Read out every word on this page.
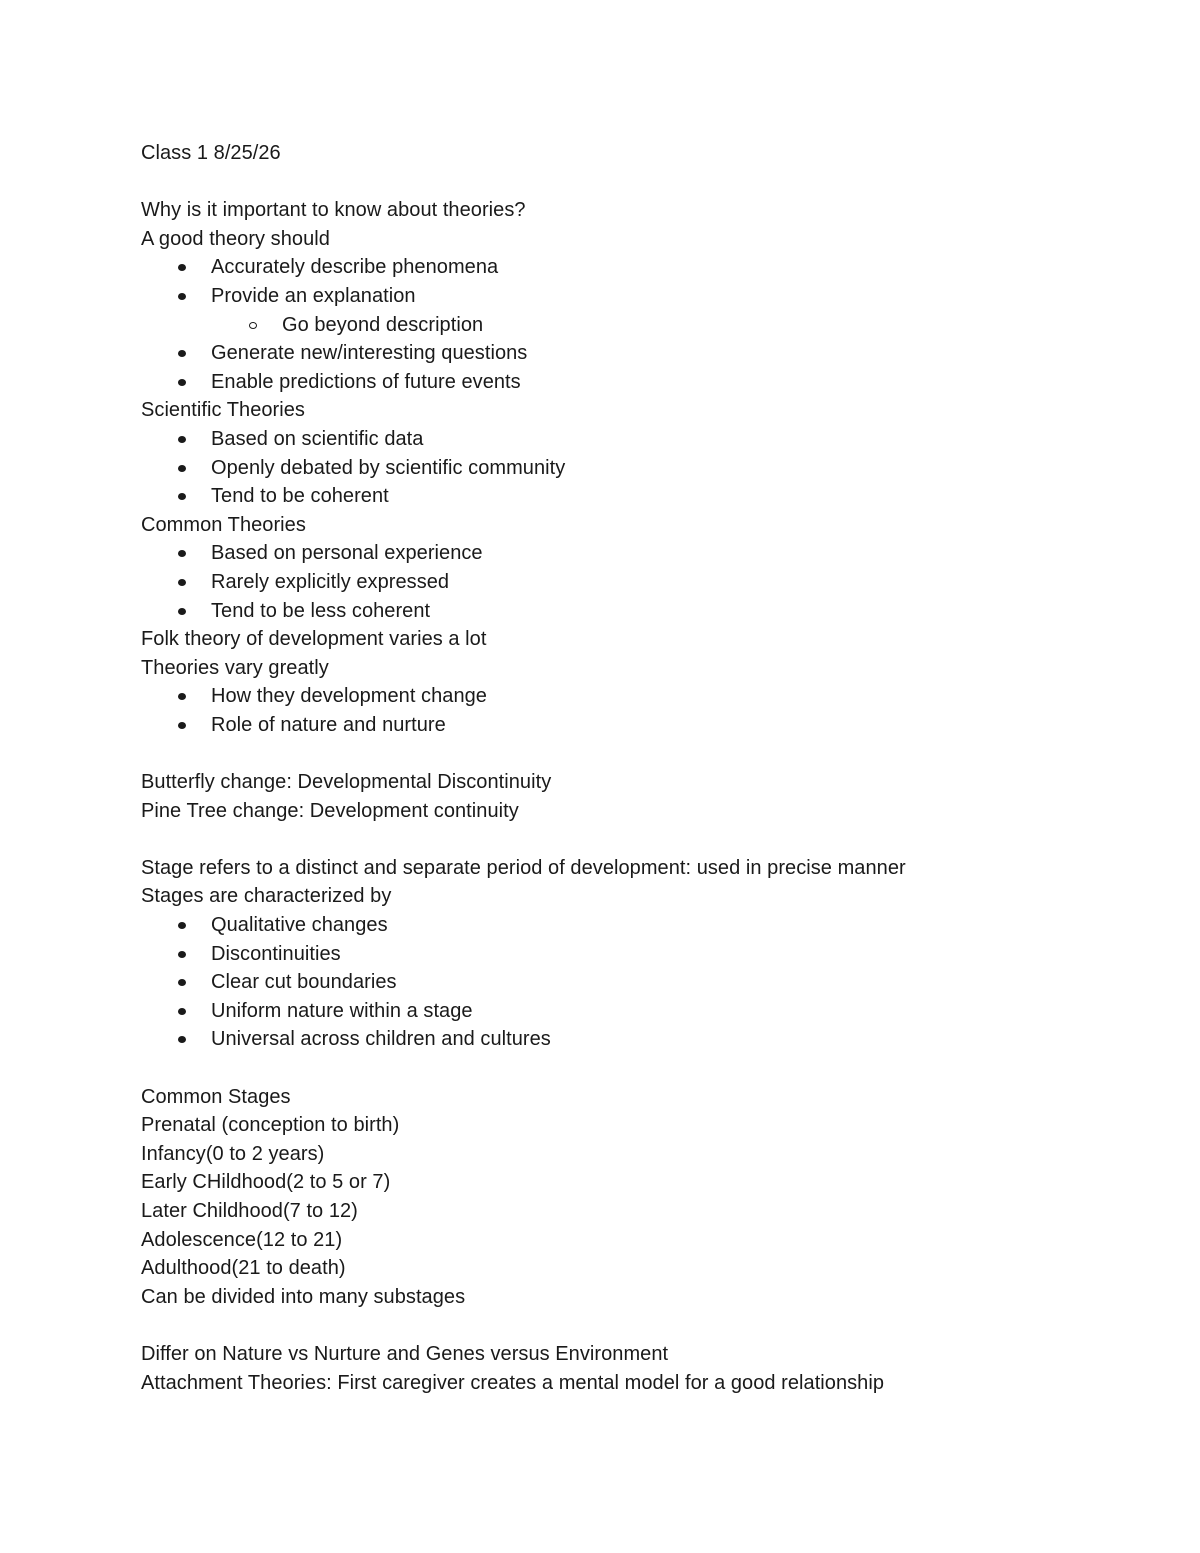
Class 1 8/25/26
Why is it important to know about theories?
A good theory should
Accurately describe phenomena
Provide an explanation
Go beyond description
Generate new/interesting questions
Enable predictions of future events
Scientific Theories
Based on scientific data
Openly debated by scientific community
Tend to be coherent
Common Theories
Based on personal experience
Rarely explicitly expressed
Tend to be less coherent
Folk theory of development varies a lot
Theories vary greatly
How they development change
Role of nature and nurture
Butterfly change: Developmental Discontinuity
Pine Tree change: Development continuity
Stage refers to a distinct and separate period of development: used in precise manner
Stages are characterized by
Qualitative changes
Discontinuities
Clear cut boundaries
Uniform nature within a stage
Universal across children and cultures
Common Stages
Prenatal (conception to birth)
Infancy(0 to 2 years)
Early CHildhood(2 to 5 or 7)
Later Childhood(7 to 12)
Adolescence(12 to 21)
Adulthood(21 to death)
Can be divided into many substages
Differ on Nature vs Nurture and Genes versus Environment
Attachment Theories: First caregiver creates a mental model for a good relationship
